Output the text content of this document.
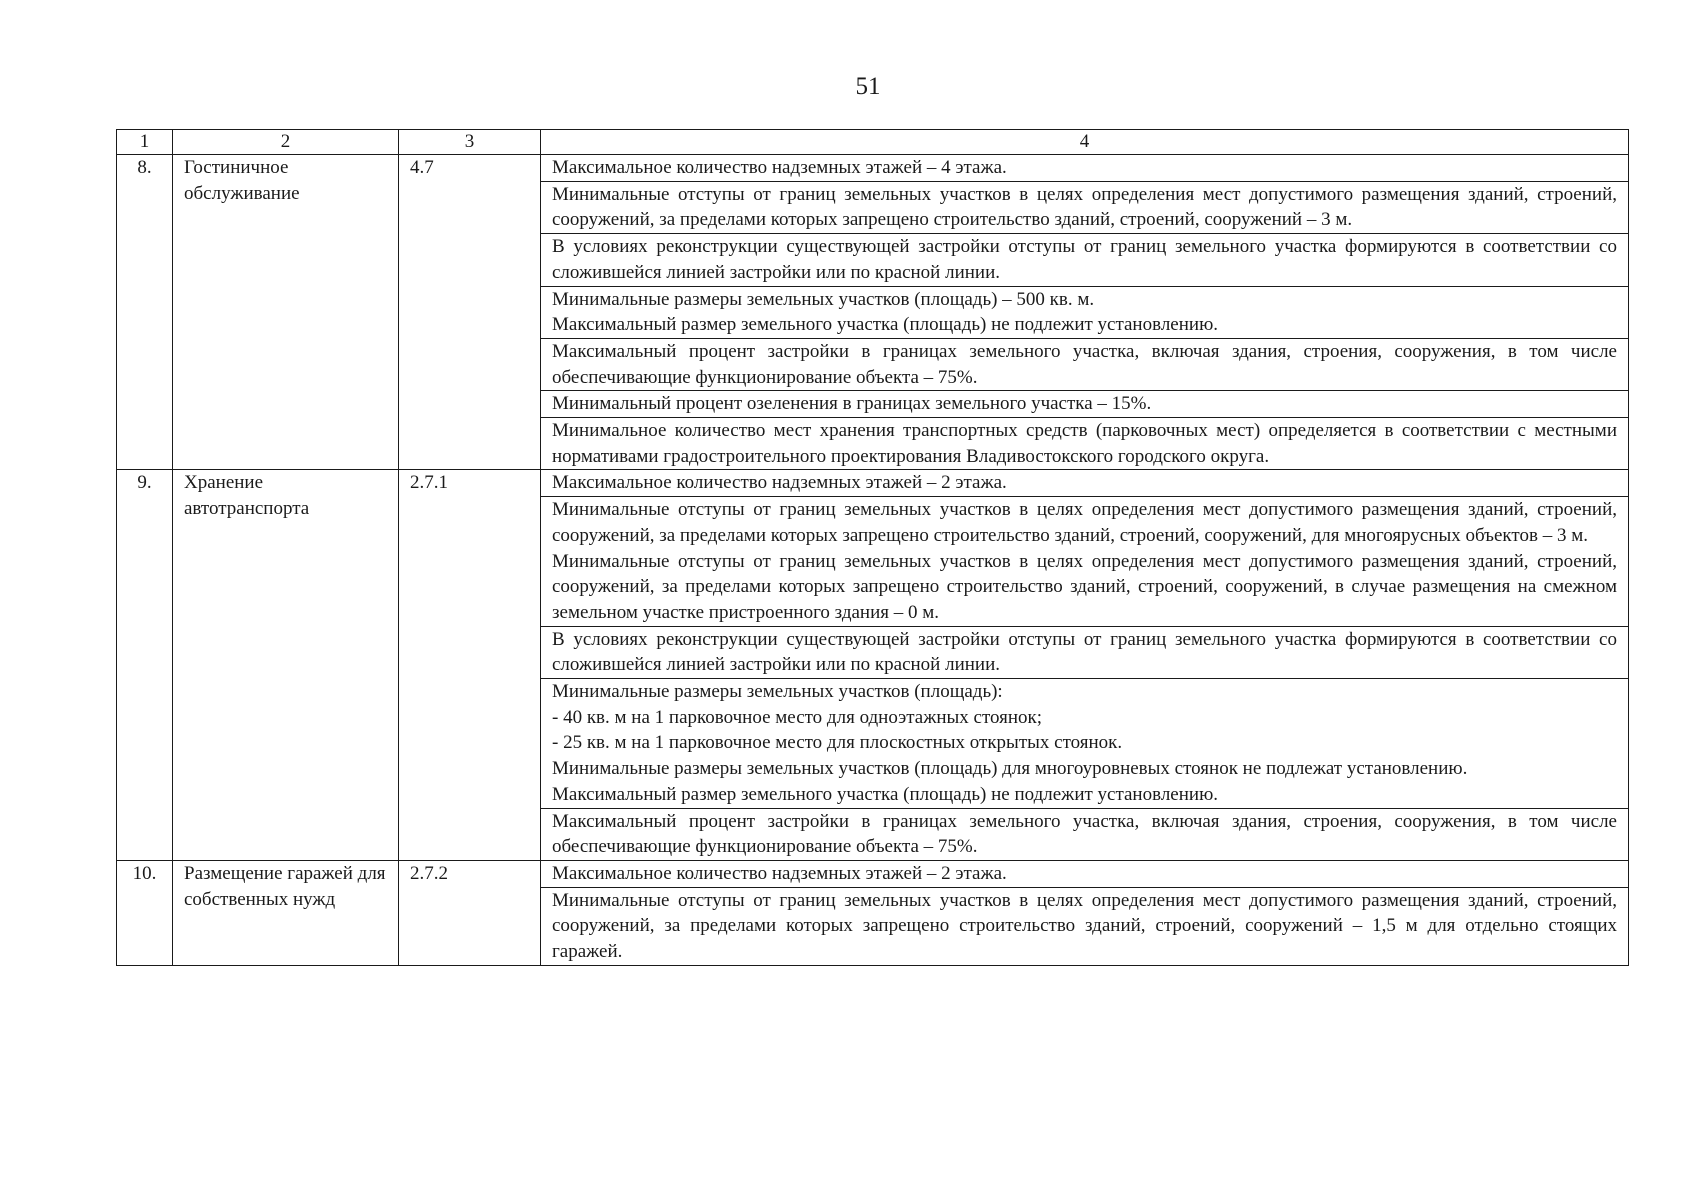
51
1	2	3	4
8.	Гостиничное обслуживание	4.7	Максимальное количество надземных этажей – 4 этажа.

			Минимальные отступы от границ земельных участков в целях определения мест допустимого размещения зданий, строений, сооружений, за пределами которых запрещено строительство зданий, строений, сооружений – 3 м.

			В условиях реконструкции существующей застройки отступы от границ земельного участка формируются в соответствии со сложившейся линией застройки или по красной линии.

			Минимальные размеры земельных участков (площадь) – 500 кв. м.
Максимальный размер земельного участка (площадь) не подлежит установлению.

			Максимальный процент застройки в границах земельного участка, включая здания, строения, сооружения, в том числе обеспечивающие функционирование объекта – 75%.

			Минимальный процент озеленения в границах земельного участка – 15%.

			Минимальное количество мест хранения транспортных средств (парковочных мест) определяется в соответствии с местными нормативами градостроительного проектирования Владивостокского городского округа.

9.	Хранение автотранспорта	2.7.1	Максимальное количество надземных этажей – 2 этажа.

			Минимальные отступы от границ земельных участков в целях определения мест допустимого размещения зданий, строений, сооружений, за пределами которых запрещено строительство зданий, строений, сооружений, для многоярусных объектов – 3 м.
Минимальные отступы от границ земельных участков в целях определения мест допустимого размещения зданий, строений, сооружений, за пределами которых запрещено строительство зданий, строений, сооружений, в случае размещения на смежном земельном участке пристроенного здания – 0 м.

			В условиях реконструкции существующей застройки отступы от границ земельного участка формируются в соответствии со сложившейся линией застройки или по красной линии.

			Минимальные размеры земельных участков (площадь):
- 40 кв. м на 1 парковочное место для одноэтажных стоянок;
- 25 кв. м на 1 парковочное место для плоскостных открытых стоянок.
Минимальные размеры земельных участков (площадь) для многоуровневых стоянок не подлежат установлению.
Максимальный размер земельного участка (площадь) не подлежит установлению.

			Максимальный процент застройки в границах земельного участка, включая здания, строения, сооружения, в том числе обеспечивающие функционирование объекта – 75%.

10.	Размещение гаражей для собственных нужд	2.7.2	Максимальное количество надземных этажей – 2 этажа.

			Минимальные отступы от границ земельных участков в целях определения мест допустимого размещения зданий, строений, сооружений, за пределами которых запрещено строительство зданий, строений, сооружений – 1,5 м для отдельно стоящих гаражей.
